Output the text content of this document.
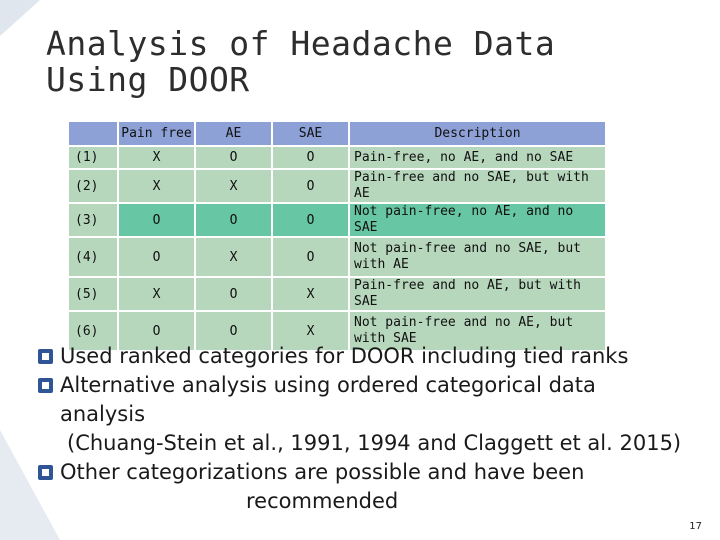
Analysis of Headache Data Using DOOR
	Pain free	AE	SAE	Description
(1)	X	O	O	Pain-free, no AE, and no SAE
(2)	X	X	O	Pain-free and no SAE, but with AE
(3)	O	O	O	Not pain-free, no AE, and no SAE
(4)	O	X	O	Not pain-free and no SAE, but with AE
(5)	X	O	X	Pain-free and no AE, but with SAE
(6)	O	O	X	Not pain-free and no AE, but with SAE
Used ranked categories for DOOR including tied ranks
Alternative analysis using ordered categorical data
analysis
(Chuang-Stein et al., 1991, 1994 and Claggett et al. 2015)
Other categorizations are possible and have been
recommended
17
